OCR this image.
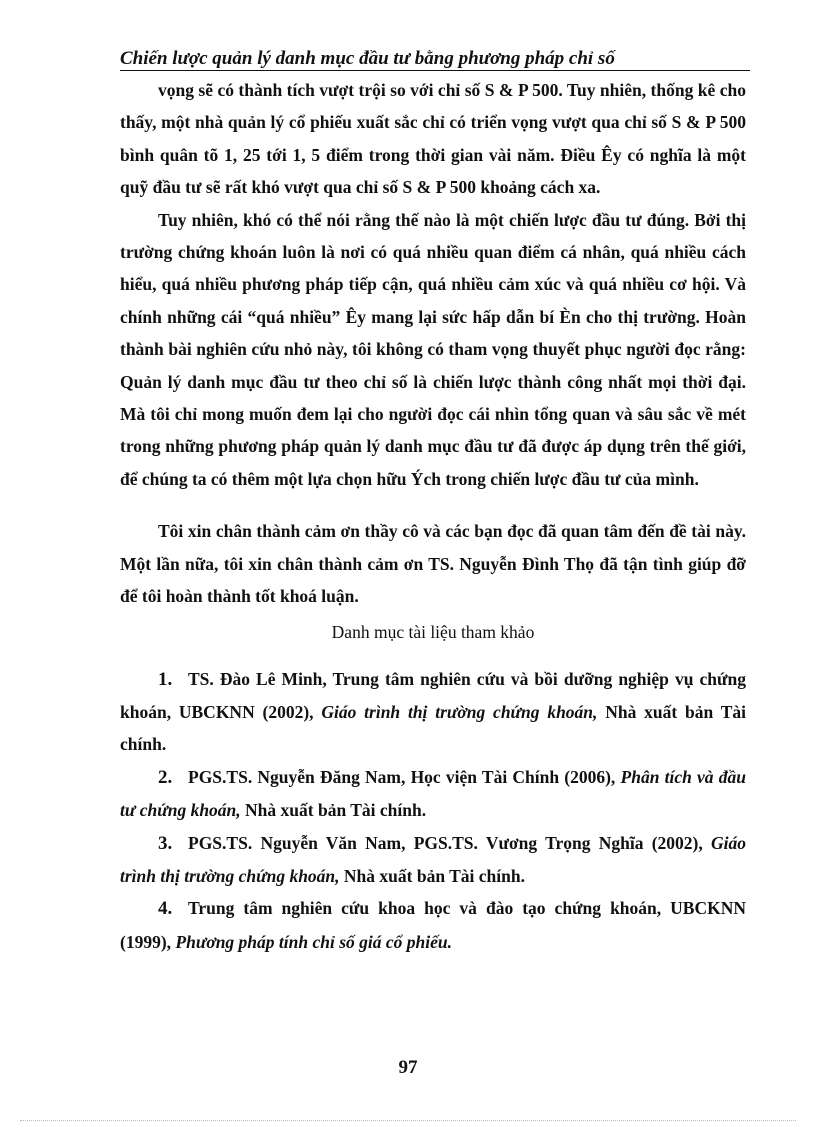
Chiến lược quản lý danh mục đầu tư bằng phương pháp chỉ số

vọng sẽ có thành tích vượt trội so với chỉ số S & P 500. Tuy nhiên, thống kê cho thấy, một nhà quản lý cổ phiếu xuất sắc chỉ có triển vọng vượt qua chỉ số S & P 500 bình quân tõ 1, 25 tới 1, 5 điểm trong thời gian vài năm. Điều Êy có nghĩa là một quỹ đầu tư sẽ rất khó vượt qua chỉ số S & P 500 khoảng cách xa.

Tuy nhiên, khó có thể nói rằng thế nào là một chiến lược đầu tư đúng. Bởi thị trường chứng khoán luôn là nơi có quá nhiều quan điểm cá nhân, quá nhiều cách hiểu, quá nhiều phương pháp tiếp cận, quá nhiều cảm xúc và quá nhiều cơ hội. Và chính những cái “quá nhiều” Êy mang lại sức hấp dẫn bí Èn cho thị trường. Hoàn thành bài nghiên cứu nhỏ này, tôi không có tham vọng thuyết phục người đọc rằng: Quản lý danh mục đầu tư theo chỉ số là chiến lược thành công nhất mọi thời đại. Mà tôi chỉ mong muốn đem lại cho người đọc cái nhìn tổng quan và sâu sắc về mét trong những phương pháp quản lý danh mục đầu tư đã được áp dụng trên thế giới, để chúng ta có thêm một lựa chọn hữu Ých trong chiến lược đầu tư của mình.

Tôi xin chân thành cảm ơn thầy cô và các bạn đọc đã quan tâm đến đề tài này. Một lần nữa, tôi xin chân thành cảm ơn TS. Nguyễn Đình Thọ đã tận tình giúp đỡ để tôi hoàn thành tốt khoá luận.

Danh mục tài liệu tham khảo

1. TS. Đào Lê Minh, Trung tâm nghiên cứu và bồi dưỡng nghiệp vụ chứng khoán, UBCKNN (2002), Giáo trình thị trường chứng khoán, Nhà xuất bản Tài chính.

2. PGS.TS. Nguyễn Đăng Nam, Học viện Tài Chính (2006), Phân tích và đầu tư chứng khoán, Nhà xuất bản Tài chính.

3. PGS.TS. Nguyễn Văn Nam, PGS.TS. Vương Trọng Nghĩa (2002), Giáo trình thị trường chứng khoán, Nhà xuất bản Tài chính.

4. Trung tâm nghiên cứu khoa học và đào tạo chứng khoán, UBCKNN (1999), Phương pháp tính chỉ số giá cổ phiếu.

97
